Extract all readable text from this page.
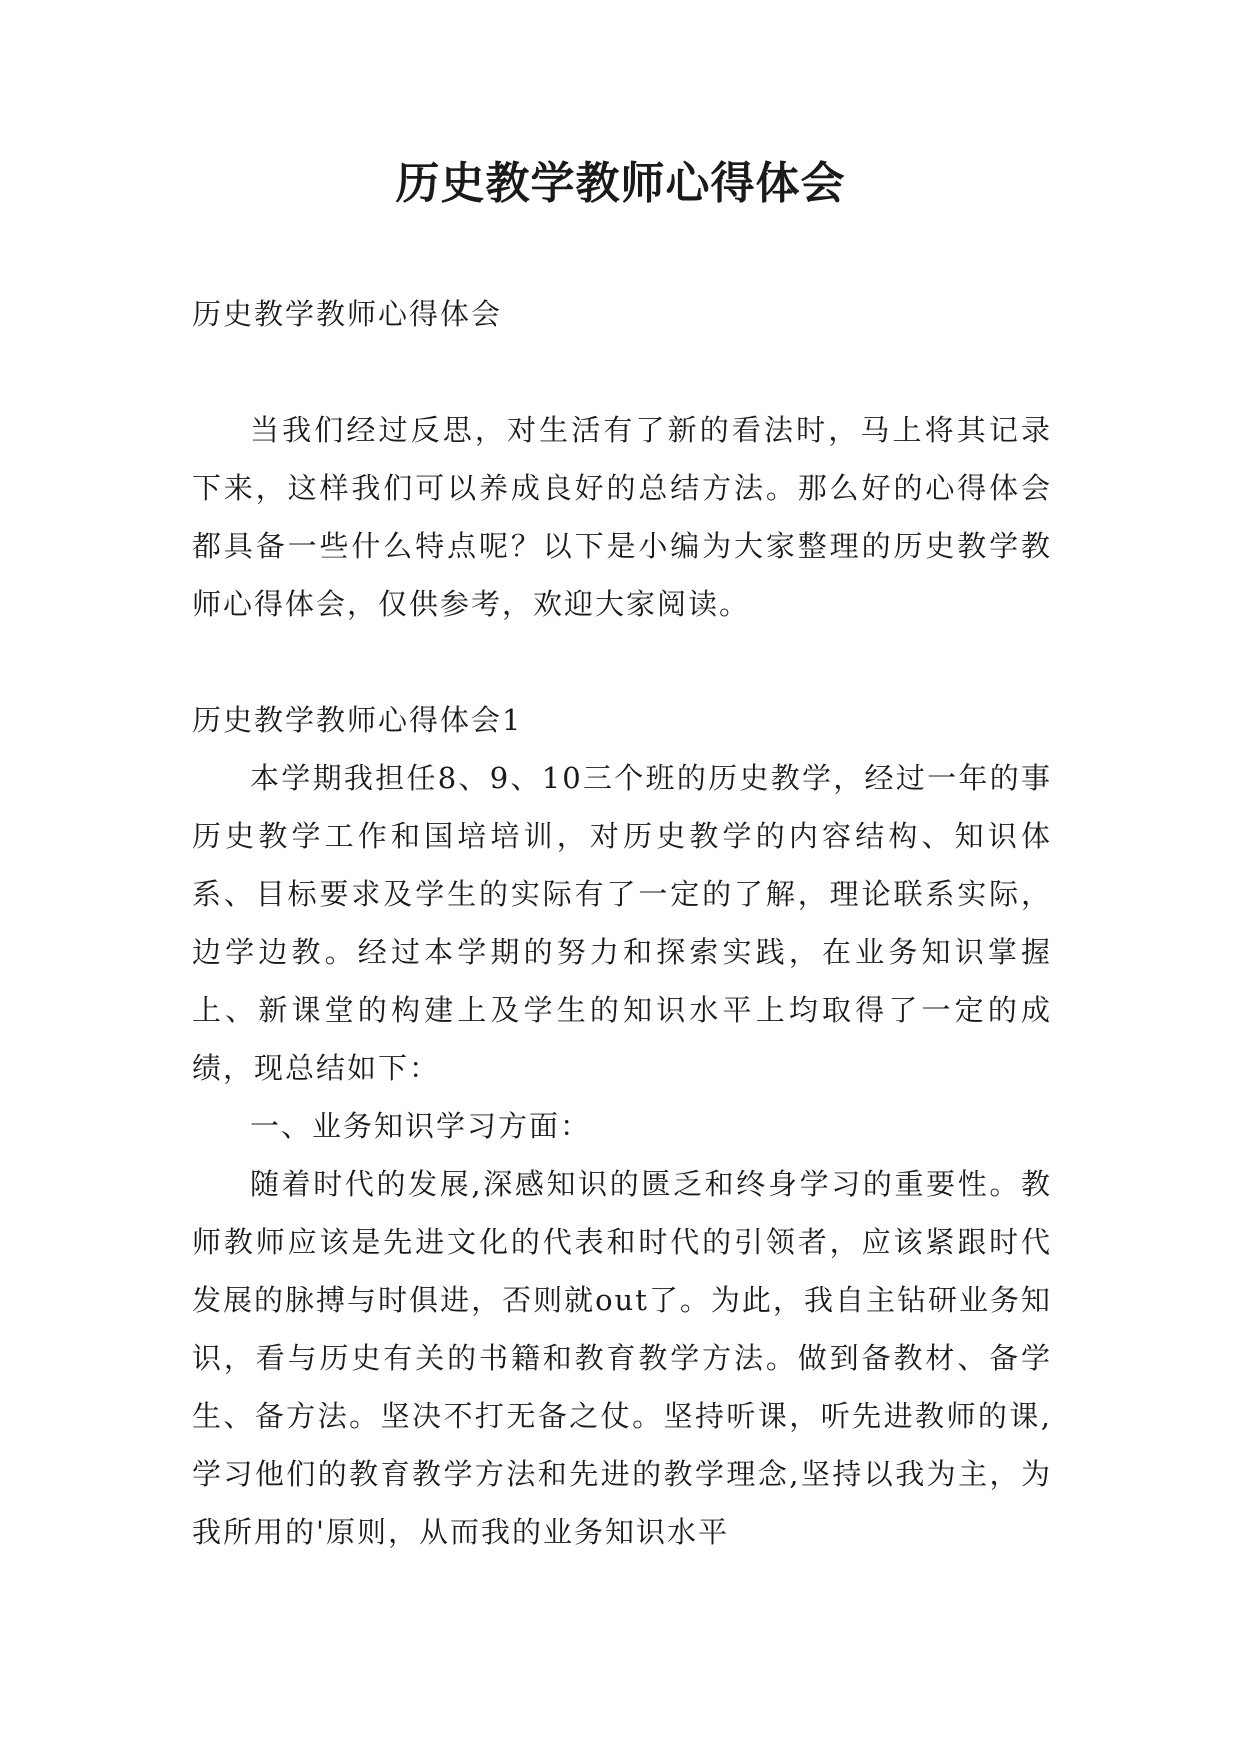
历史教学教师心得体会

历史教学教师心得体会

当我们经过反思，对生活有了新的看法时，马上将其记录下来，这样我们可以养成良好的总结方法。那么好的心得体会都具备一些什么特点呢？以下是小编为大家整理的历史教学教师心得体会，仅供参考，欢迎大家阅读。

历史教学教师心得体会1

本学期我担任8、9、10三个班的历史教学，经过一年的事历史教学工作和国培培训，对历史教学的内容结构、知识体系、目标要求及学生的实际有了一定的了解，理论联系实际，边学边教。经过本学期的努力和探索实践，在业务知识掌握上、新课堂的构建上及学生的知识水平上均取得了一定的成绩，现总结如下：

一、业务知识学习方面：

随着时代的发展,深感知识的匮乏和终身学习的重要性。教师教师应该是先进文化的代表和时代的引领者，应该紧跟时代发展的脉搏与时俱进，否则就out了。为此，我自主钻研业务知识，看与历史有关的书籍和教育教学方法。做到备教材、备学生、备方法。坚决不打无备之仗。坚持听课，听先进教师的课,学习他们的教育教学方法和先进的教学理念,坚持以我为主，为我所用的'原则，从而我的业务知识水平
